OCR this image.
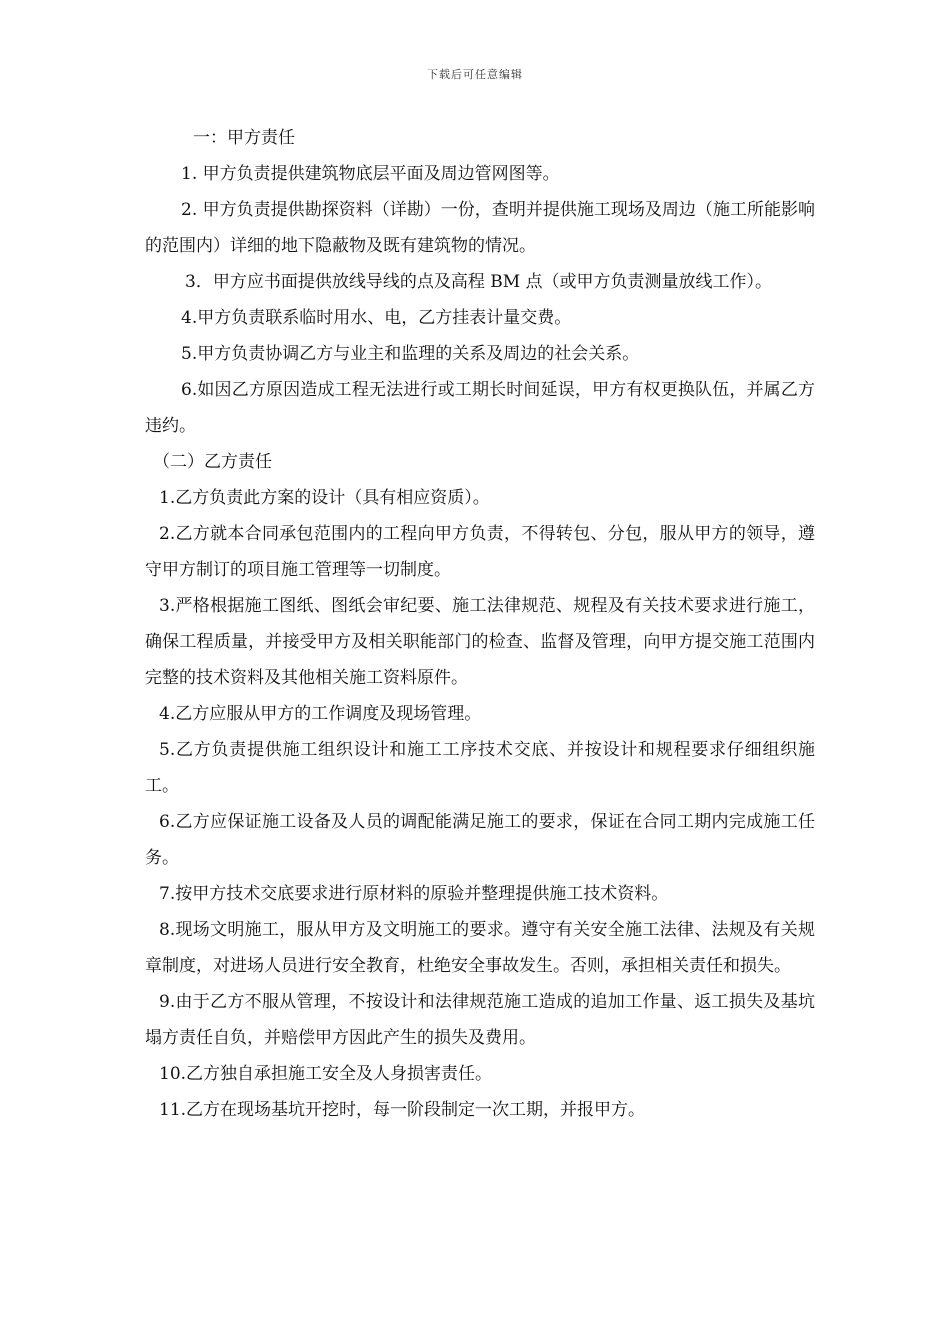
下载后可任意编辑

一：甲方责任

1. 甲方负责提供建筑物底层平面及周边管网图等。

2. 甲方负责提供勘探资料（详勘）一份，查明并提供施工现场及周边（施工所能影响的范围内）详细的地下隐蔽物及既有建筑物的情况。

3．甲方应书面提供放线导线的点及高程 BM 点（或甲方负责测量放线工作）。

4.甲方负责联系临时用水、电，乙方挂表计量交费。

5.甲方负责协调乙方与业主和监理的关系及周边的社会关系。

6.如因乙方原因造成工程无法进行或工期长时间延误，甲方有权更换队伍，并属乙方违约。

（二）乙方责任

1.乙方负责此方案的设计（具有相应资质）。

2.乙方就本合同承包范围内的工程向甲方负责，不得转包、分包，服从甲方的领导，遵守甲方制订的项目施工管理等一切制度。

3.严格根据施工图纸、图纸会审纪要、施工法律规范、规程及有关技术要求进行施工，确保工程质量，并接受甲方及相关职能部门的检查、监督及管理，向甲方提交施工范围内完整的技术资料及其他相关施工资料原件。

4.乙方应服从甲方的工作调度及现场管理。

5.乙方负责提供施工组织设计和施工工序技术交底、并按设计和规程要求仔细组织施工。

6.乙方应保证施工设备及人员的调配能满足施工的要求，保证在合同工期内完成施工任务。

7.按甲方技术交底要求进行原材料的原验并整理提供施工技术资料。

8.现场文明施工，服从甲方及文明施工的要求。遵守有关安全施工法律、法规及有关规章制度，对进场人员进行安全教育，杜绝安全事故发生。否则，承担相关责任和损失。

9.由于乙方不服从管理，不按设计和法律规范施工造成的追加工作量、返工损失及基坑塌方责任自负，并赔偿甲方因此产生的损失及费用。

10.乙方独自承担施工安全及人身损害责任。

11.乙方在现场基坑开挖时，每一阶段制定一次工期，并报甲方。
